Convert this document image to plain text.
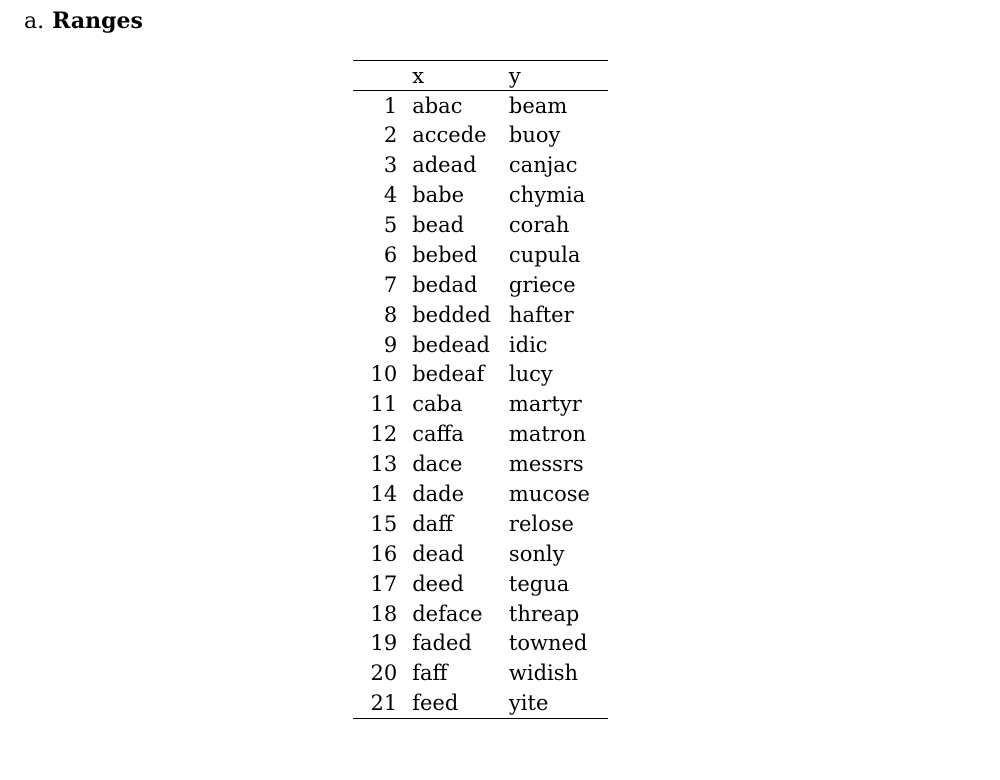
a. Ranges
	x	y
1	abac	beam
2	accede	buoy
3	adead	canjac
4	babe	chymia
5	bead	corah
6	bebed	cupula
7	bedad	griece
8	bedded	hafter
9	bedead	idic
10	bedeaf	lucy
11	caba	martyr
12	caffa	matron
13	dace	messrs
14	dade	mucose
15	daff	relose
16	dead	sonly
17	deed	tegua
18	deface	threap
19	faded	towned
20	faff	widish
21	feed	yite
